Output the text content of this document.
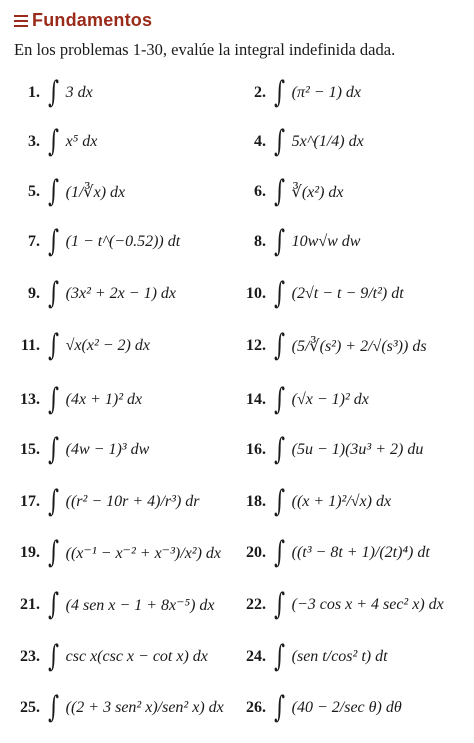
Fundamentos
En los problemas 1-30, evalúe la integral indefinida dada.
1. ∫ 3 dx
3. ∫ x⁵ dx
5. ∫ (1/∛x) dx
7. ∫ (1 − t^(−0.52)) dt
9. ∫ (3x² + 2x − 1) dx
11. ∫ √x(x² − 2) dx
13. ∫ (4x + 1)² dx
15. ∫ (4w − 1)³ dw
17. ∫ ((r² − 10r + 4)/r³) dr
19. ∫ ((x⁻¹ − x⁻² + x⁻³)/x²) dx
21. ∫ (4 sen x − 1 + 8x⁻⁵) dx
23. ∫ csc x(csc x − cot x) dx
25. ∫ ((2 + 3 sen² x)/sen² x) dx
2. ∫ (π² − 1) dx
4. ∫ 5x^(1/4) dx
6. ∫ ∛(x²) dx
8. ∫ 10w√w dw
10. ∫ (2√t − t − 9/t²) dt
12. ∫ (5/∛(s²) + 2/√(s³)) ds
14. ∫ (√x − 1)² dx
16. ∫ (5u − 1)(3u³ + 2) du
18. ∫ ((x + 1)²/√x) dx
20. ∫ ((t³ − 8t + 1)/(2t)⁴) dt
22. ∫ (−3 cos x + 4 sec² x) dx
24. ∫ (sen t/cos² t) dt
26. ∫ (40 − 2/sec θ) dθ
